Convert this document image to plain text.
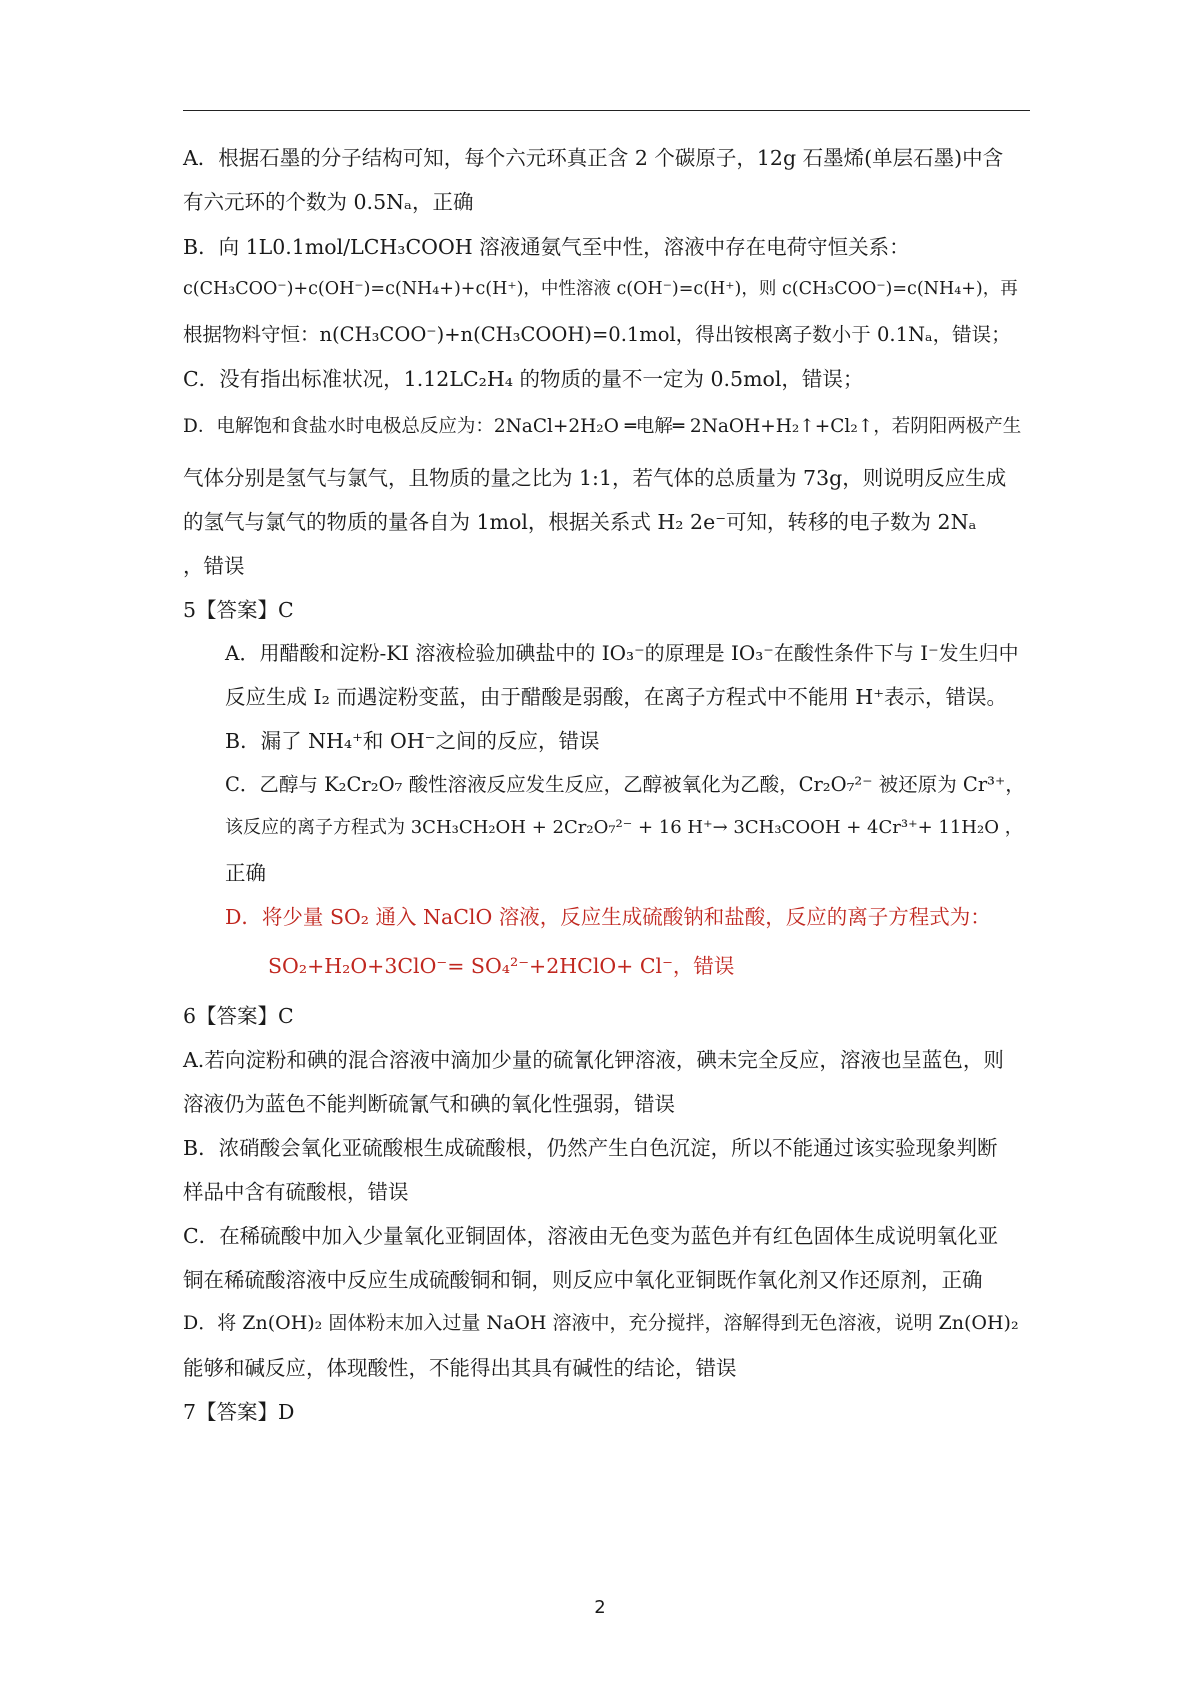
A．根据石墨的分子结构可知，每个六元环真正含 2 个碳原子，12g 石墨烯(单层石墨)中含
有六元环的个数为 0.5Nₐ，正确
B．向 1L0.1mol/LCH₃COOH 溶液通氨气至中性，溶液中存在电荷守恒关系：
c(CH₃COO⁻)+c(OH⁻)=c(NH₄+)+c(H⁺)，中性溶液 c(OH⁻)=c(H⁺)，则 c(CH₃COO⁻)=c(NH₄+)，再
根据物料守恒：n(CH₃COO⁻)+n(CH₃COOH)=0.1mol，得出铵根离子数小于 0.1Nₐ，错误；
C．没有指出标准状况，1.12LC₂H₄ 的物质的量不一定为 0.5mol，错误；
D．电解饱和食盐水时电极总反应为：2NaCl+2H₂O ═电解═ 2NaOH+H₂↑+Cl₂↑，若阴阳两极产生
气体分别是氢气与氯气，且物质的量之比为 1:1，若气体的总质量为 73g，则说明反应生成
的氢气与氯气的物质的量各自为 1mol，根据关系式 H₂ 2e⁻可知，转移的电子数为 2Nₐ
，错误
5【答案】C
A．用醋酸和淀粉-KI 溶液检验加碘盐中的 IO₃⁻的原理是 IO₃⁻在酸性条件下与 I⁻发生归中
反应生成 I₂ 而遇淀粉变蓝，由于醋酸是弱酸，在离子方程式中不能用 H⁺表示，错误。
B．漏了 NH₄⁺和 OH⁻之间的反应，错误
C．乙醇与 K₂Cr₂O₇ 酸性溶液反应发生反应，乙醇被氧化为乙酸，Cr₂O₇²⁻ 被还原为 Cr³⁺，
该反应的离子方程式为 3CH₃CH₂OH + 2Cr₂O₇²⁻ + 16 H⁺→ 3CH₃COOH + 4Cr³⁺+ 11H₂O ，
正确
D．将少量 SO₂ 通入 NaClO 溶液，反应生成硫酸钠和盐酸，反应的离子方程式为：
SO₂+H₂O+3ClO⁻= SO₄²⁻+2HClO+ Cl⁻，错误
6【答案】C
A.若向淀粉和碘的混合溶液中滴加少量的硫氰化钾溶液，碘未完全反应，溶液也呈蓝色，则
溶液仍为蓝色不能判断硫氰气和碘的氧化性强弱，错误
B．浓硝酸会氧化亚硫酸根生成硫酸根，仍然产生白色沉淀，所以不能通过该实验现象判断
样品中含有硫酸根，错误
C．在稀硫酸中加入少量氧化亚铜固体，溶液由无色变为蓝色并有红色固体生成说明氧化亚
铜在稀硫酸溶液中反应生成硫酸铜和铜，则反应中氧化亚铜既作氧化剂又作还原剂，正确
D．将 Zn(OH)₂ 固体粉末加入过量 NaOH 溶液中，充分搅拌，溶解得到无色溶液，说明 Zn(OH)₂
能够和碱反应，体现酸性，不能得出其具有碱性的结论，错误
7【答案】D
2
